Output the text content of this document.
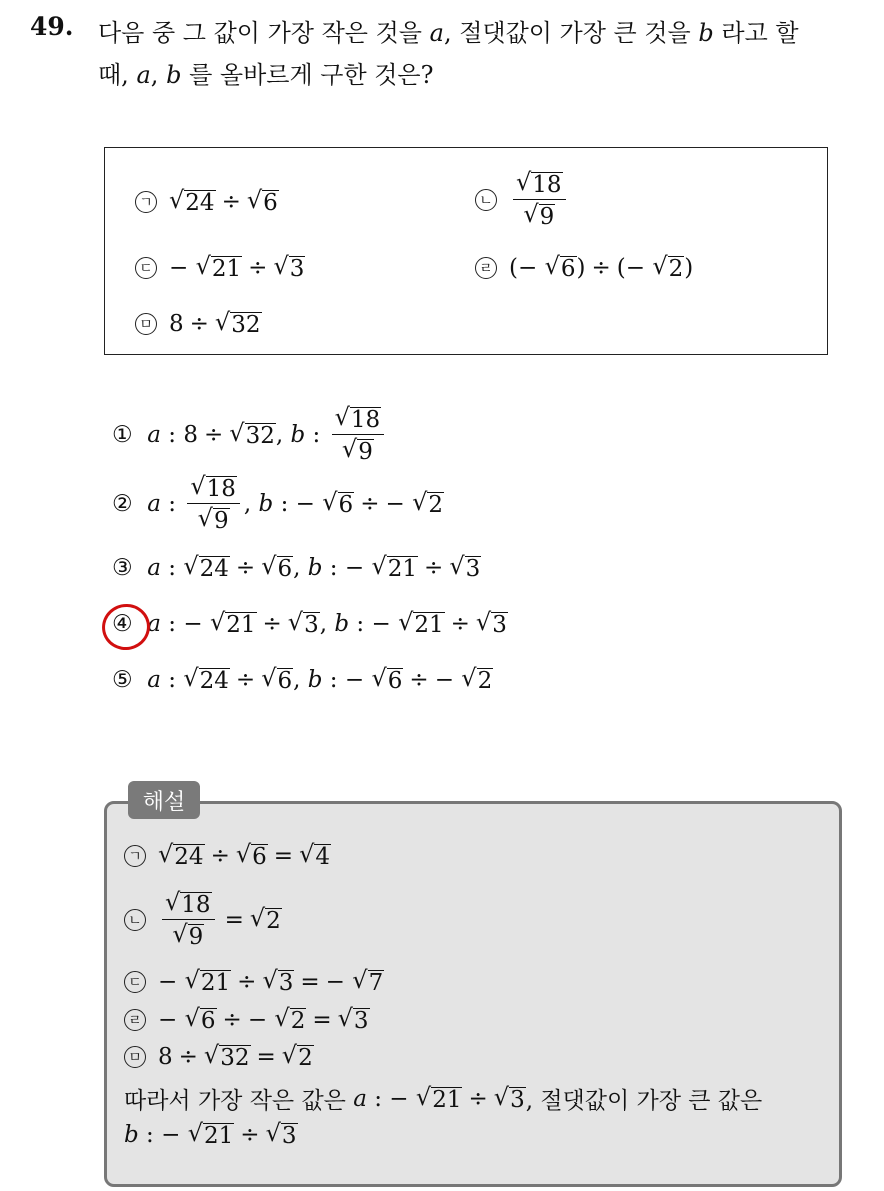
49. 다음 중 그 값이 가장 작은 것을 a, 절댓값이 가장 큰 것을 b 라고 할
때, a, b 를 올바르게 구한 것은?
ㄱ √ 24 ÷ √ 6	ㄴ $\frac{√ 18}{√ 9}$
ㄷ − √ 21 ÷ √ 3	ㄹ (− √ 6 ) ÷ (− √ 2 )
ㅁ 8 ÷ √ 32
①
a : 8 ÷ √ 32 , b : $\frac{√ 18}{√ 9}$
②
a : $\frac{√ 18}{√ 9}$ , b : − √ 6 ÷ − √ 2
③
a : √ 24 ÷ √ 6 , b : − √ 21 ÷ √ 3
④
a : − √ 21 ÷ √ 3 , b : − √ 21 ÷ √ 3
⑤
a : √ 24 ÷ √ 6 , b : − √ 6 ÷ − √ 2
해설
ㄱ √ 24 ÷ √ 6 = √ 4
ㄴ $\frac{√ 18}{√ 9}$ = √ 2
ㄷ − √ 21 ÷ √ 3 = − √ 7
ㄹ − √ 6 ÷ − √ 2 = √ 3
ㅁ 8 ÷ √ 32 = √ 2
따라서 가장 작은 값은
a : − √ 21 ÷ √ 3 , 절댓값이 가장 큰 값은
b : − √ 21 ÷ √ 3
